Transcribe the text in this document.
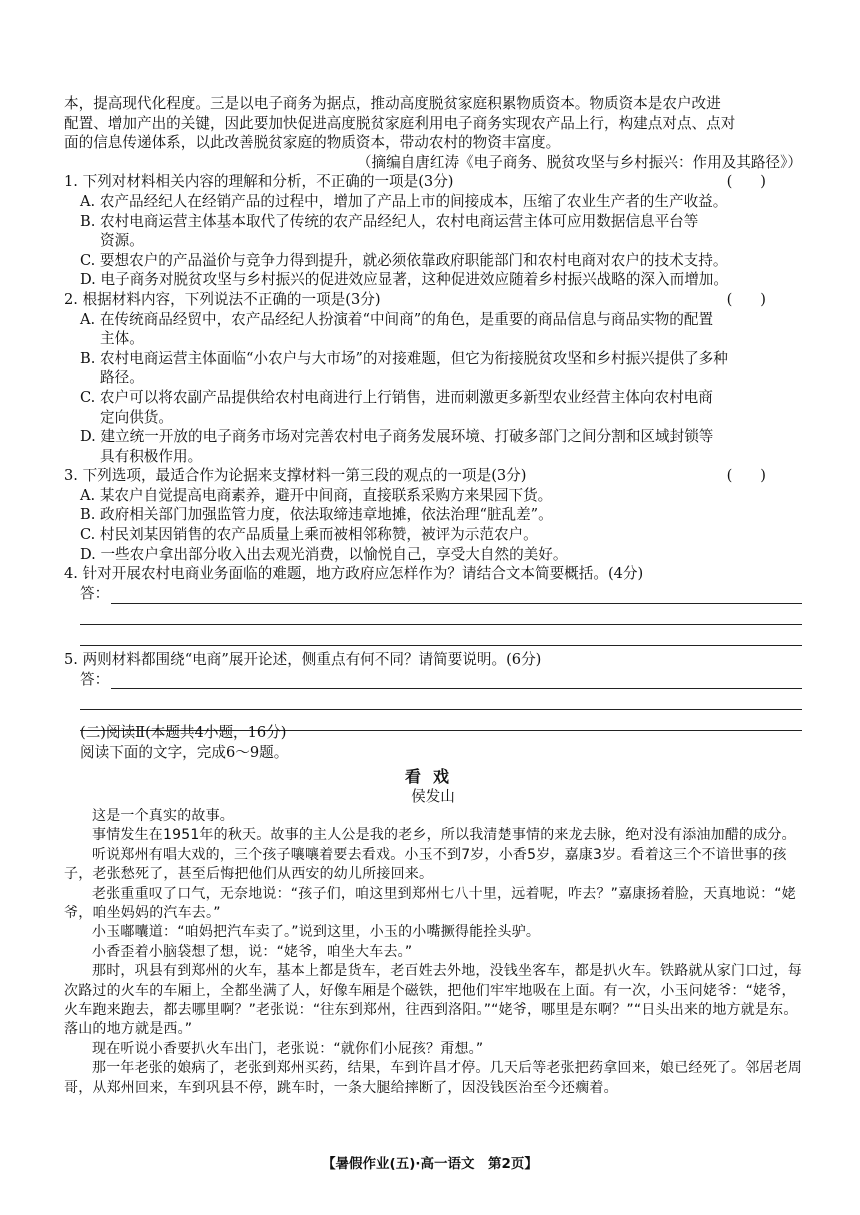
本，提高现代化程度。三是以电子商务为据点，推动高度脱贫家庭积累物质资本。物质资本是农户改进

配置、增加产出的关键，因此要加快促进高度脱贫家庭利用电子商务实现农产品上行，构建点对点、点对

面的信息传递体系，以此改善脱贫家庭的物质资本，带动农村的物资丰富度。

（摘编自唐红涛《电子商务、脱贫攻坚与乡村振兴：作用及其路径》）

1. 下列对材料相关内容的理解和分析，不正确的一项是(3分)	()

A. 农产品经纪人在经销产品的过程中，增加了产品上市的间接成本，压缩了农业生产者的生产收益。

B. 农村电商运营主体基本取代了传统的农产品经纪人，农村电商运营主体可应用数据信息平台等

资源。

C. 要想农户的产品溢价与竞争力得到提升，就必须依靠政府职能部门和农村电商对农户的技术支持。

D. 电子商务对脱贫攻坚与乡村振兴的促进效应显著，这种促进效应随着乡村振兴战略的深入而增加。

2. 根据材料内容，下列说法不正确的一项是(3分)	()

A. 在传统商品经贸中，农产品经纪人扮演着“中间商”的角色，是重要的商品信息与商品实物的配置

主体。

B. 农村电商运营主体面临“小农户与大市场”的对接难题，但它为衔接脱贫攻坚和乡村振兴提供了多种

路径。

C. 农户可以将农副产品提供给农村电商进行上行销售，进而刺激更多新型农业经营主体向农村电商

定向供货。

D. 建立统一开放的电子商务市场对完善农村电子商务发展环境、打破多部门之间分割和区域封锁等

具有积极作用。

3. 下列选项，最适合作为论据来支撑材料一第三段的观点的一项是(3分)	()

A. 某农户自觉提高电商素养，避开中间商，直接联系采购方来果园下货。

B. 政府相关部门加强监管力度，依法取缔违章地摊，依法治理“脏乱差”。

C. 村民刘某因销售的农产品质量上乘而被相邻称赞，被评为示范农户。

D. 一些农户拿出部分收入出去观光消费，以愉悦自己，享受大自然的美好。

4. 针对开展农村电商业务面临的难题，地方政府应怎样作为？请结合文本简要概括。(4分)

答：

5. 两则材料都围绕“电商”展开论述，侧重点有何不同？请简要说明。(6分)

答：

(二)阅读Ⅱ(本题共4小题，16分)

阅读下面的文字，完成6～9题。

看戏

侯发山

这是一个真实的故事。

事情发生在1951年的秋天。故事的主人公是我的老乡，所以我清楚事情的来龙去脉，绝对没有添油加醋的成分。

听说郑州有唱大戏的，三个孩子嚷嚷着要去看戏。小玉不到7岁，小香5岁，嘉康3岁。看着这三个不谙世事的孩子，老张愁死了，甚至后悔把他们从西安的幼儿所接回来。

老张重重叹了口气，无奈地说：“孩子们，咱这里到郑州七八十里，远着呢，咋去？”嘉康扬着脸，天真地说：“姥爷，咱坐妈妈的汽车去。”

小玉嘟囔道：“咱妈把汽车卖了。”说到这里，小玉的小嘴撅得能拴头驴。

小香歪着小脑袋想了想，说：“姥爷，咱坐大车去。”

那时，巩县有到郑州的火车，基本上都是货车，老百姓去外地，没钱坐客车，都是扒火车。铁路就从家门口过，每次路过的火车的车厢上，全都坐满了人，好像车厢是个磁铁，把他们牢牢地吸在上面。有一次，小玉问姥爷：“姥爷，火车跑来跑去，都去哪里啊？”老张说：“往东到郑州，往西到洛阳。”“姥爷，哪里是东啊？”“日头出来的地方就是东。落山的地方就是西。”

现在听说小香要扒火车出门，老张说：“就你们小屁孩？甭想。”

那一年老张的娘病了，老张到郑州买药，结果，车到许昌才停。几天后等老张把药拿回来，娘已经死了。邻居老周哥，从郑州回来，车到巩县不停，跳车时，一条大腿给摔断了，因没钱医治至今还瘸着。

【暑假作业(五)·高一语文　第2页】
